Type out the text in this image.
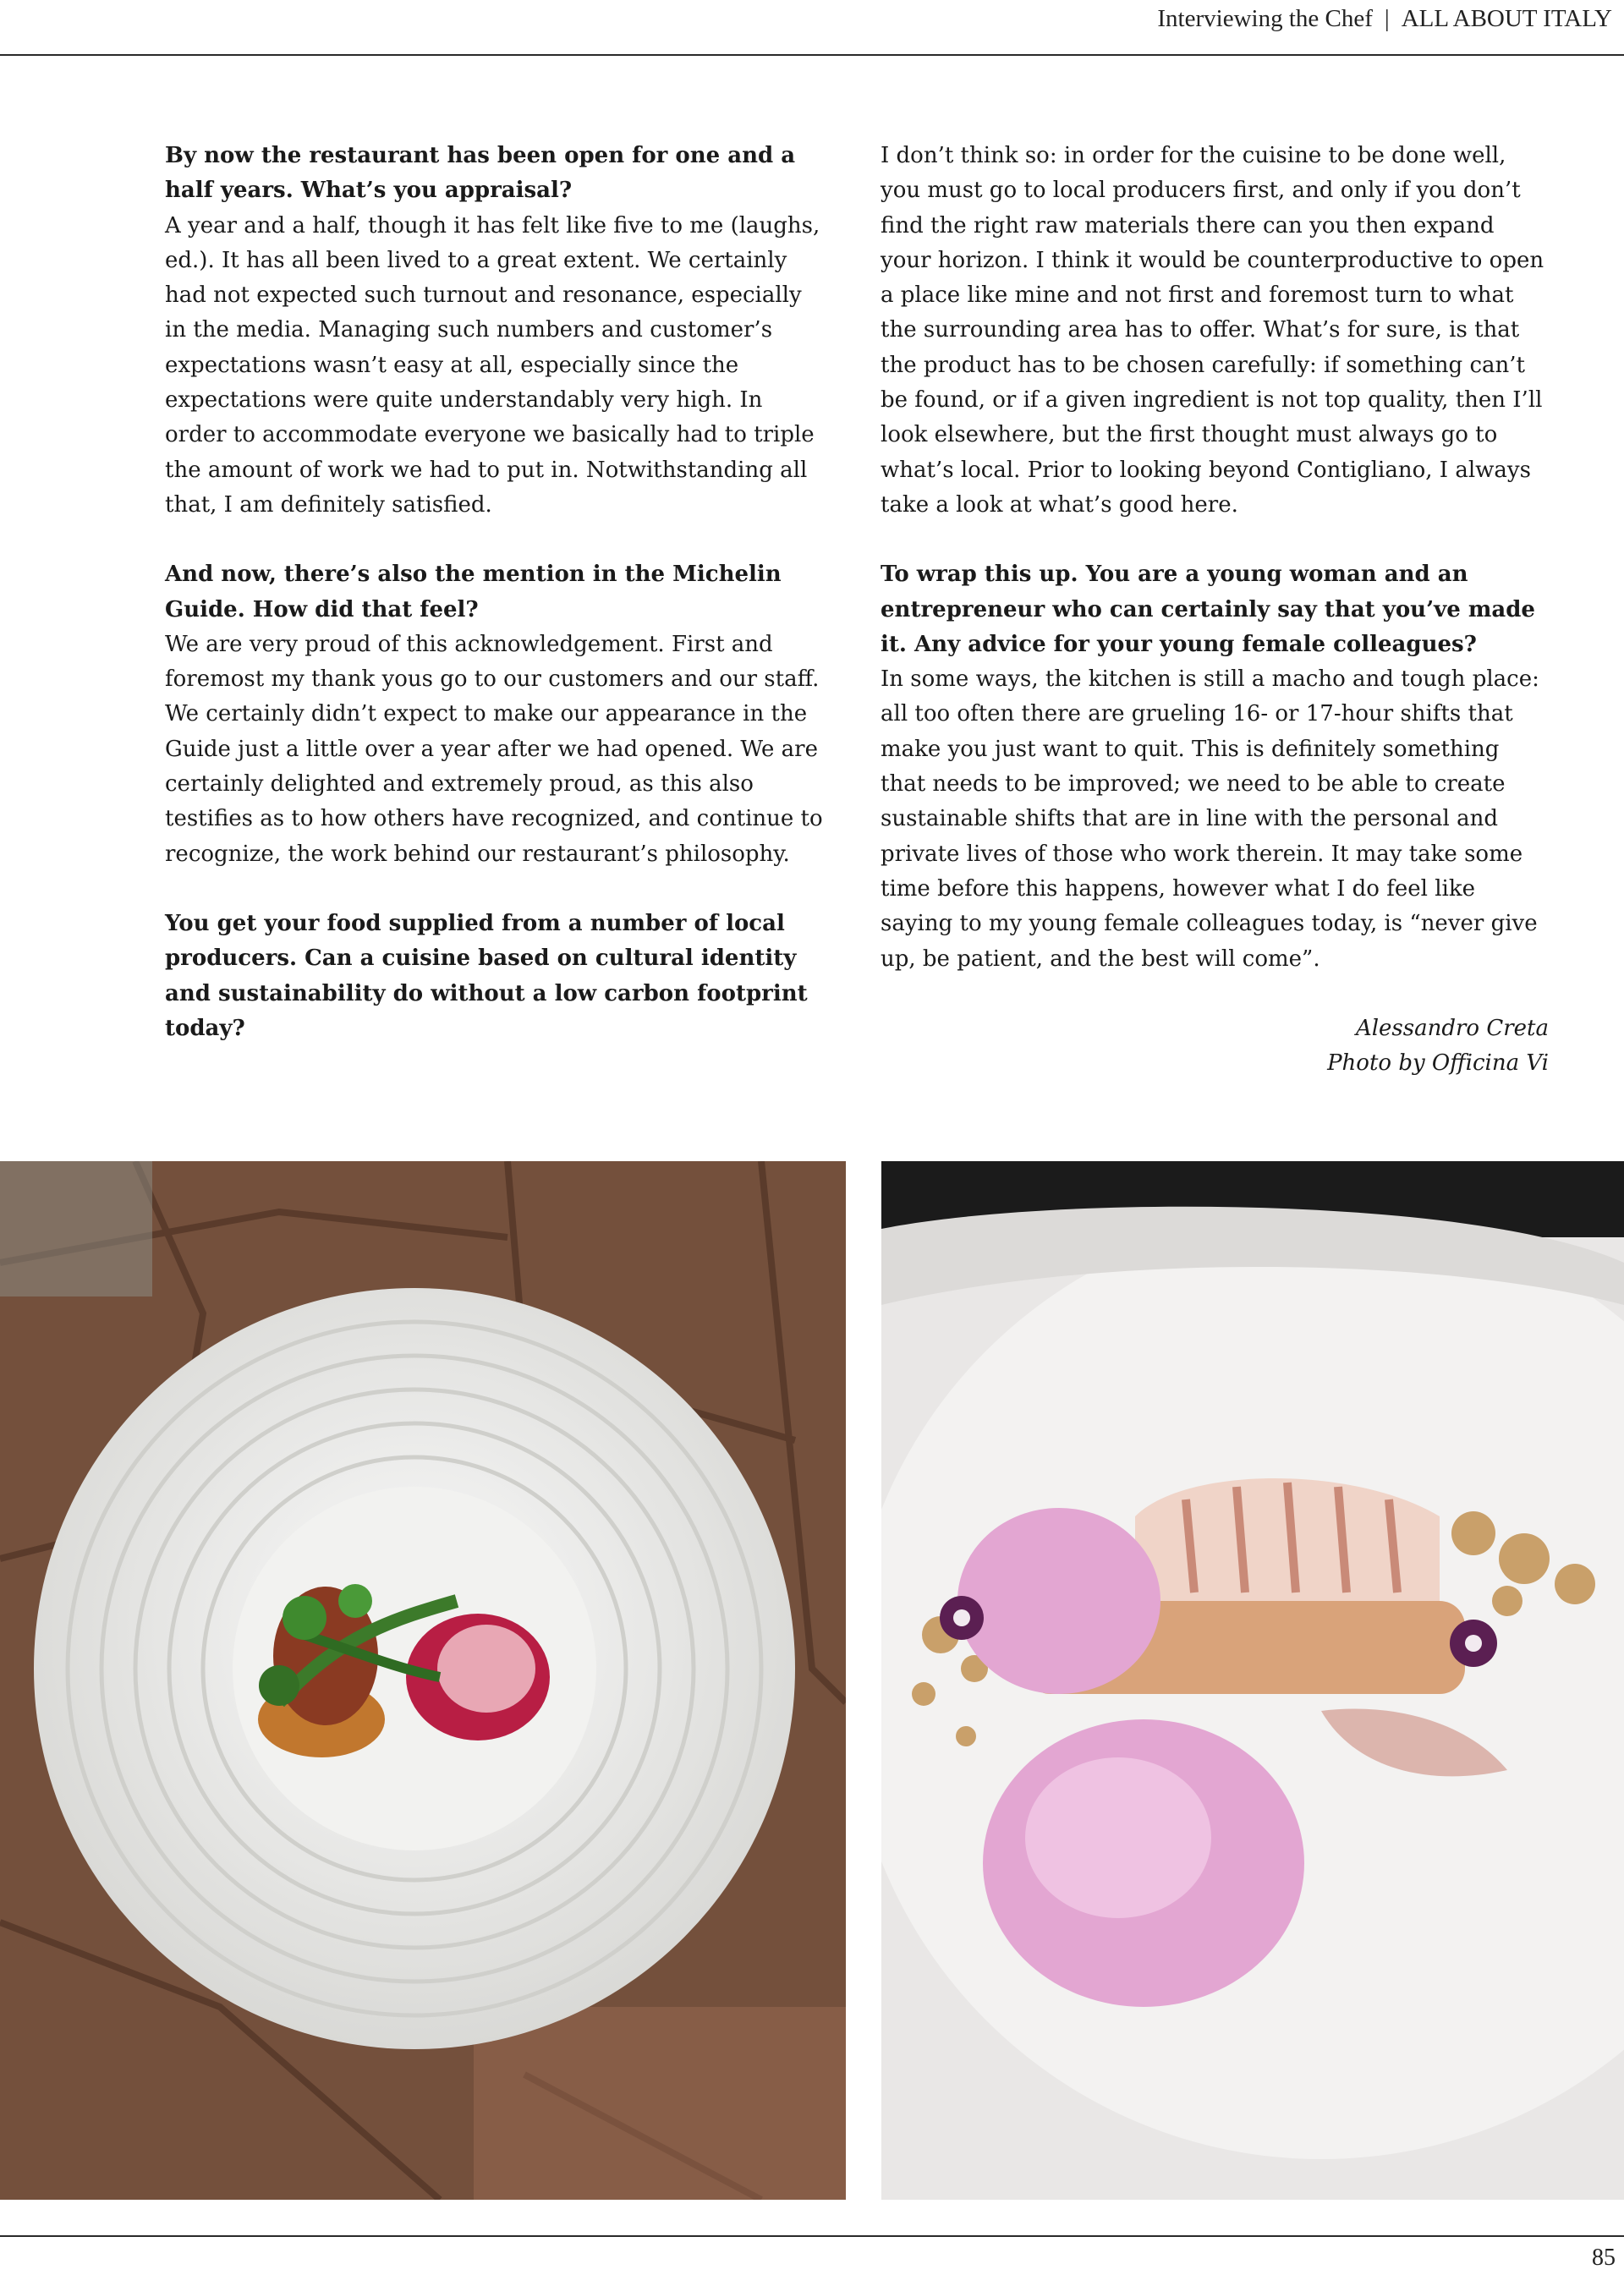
Interviewing the Chef | ALL ABOUT ITALY
By now the restaurant has been open for one and a half years. What’s you appraisal?
A year and a half, though it has felt like five to me (laughs, ed.). It has all been lived to a great extent. We certainly had not expected such turnout and resonance, especially in the media. Managing such numbers and customer’s expectations wasn’t easy at all, especially since the expectations were quite understandably very high. In order to accommodate everyone we basically had to triple the amount of work we had to put in. Notwithstanding all that, I am definitely satisfied.
And now, there’s also the mention in the Michelin Guide. How did that feel?
We are very proud of this acknowledgement. First and foremost my thank yous go to our customers and our staff. We certainly didn’t expect to make our appearance in the Guide just a little over a year after we had opened. We are certainly delighted and extremely proud, as this also testifies as to how others have recognized, and continue to recognize, the work behind our restaurant’s philosophy.
You get your food supplied from a number of local producers. Can a cuisine based on cultural identity and sustainability do without a low carbon footprint today?
I don’t think so: in order for the cuisine to be done well, you must go to local producers first, and only if you don’t find the right raw materials there can you then expand your horizon. I think it would be counterproductive to open a place like mine and not first and foremost turn to what the surrounding area has to offer. What’s for sure, is that the product has to be chosen carefully: if something can’t be found, or if a given ingredient is not top quality, then I’ll look elsewhere, but the first thought must always go to what’s local. Prior to looking beyond Contigliano, I always take a look at what’s good here.
To wrap this up. You are a young woman and an entrepreneur who can certainly say that you’ve made it. Any advice for your young female colleagues?
In some ways, the kitchen is still a macho and tough place: all too often there are grueling 16- or 17-hour shifts that make you just want to quit. This is definitely something that needs to be improved; we need to be able to create sustainable shifts that are in line with the personal and private lives of those who work therein. It may take some time before this happens, however what I do feel like saying to my young female colleagues today, is “never give up, be patient, and the best will come”.
Alessandro Creta
Photo by Officina Vi
85
